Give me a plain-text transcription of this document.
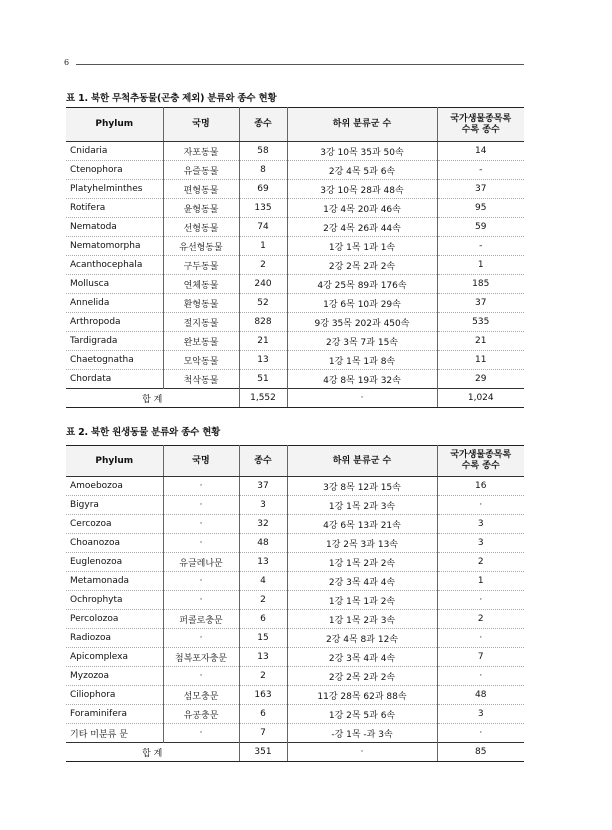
6
표 1. 북한 무척추동물(곤충 제외) 분류와 종수 현황
Phylum	국명	종수	하위 분류군 수	국가생물종목록
수록 종수
Cnidaria	자포동물	58	3강 10목 35과 50속	14
Ctenophora	유즐동물	8	2강 4목 5과 6속	-
Platyhelminthes	편형동물	69	3강 10목 28과 48속	37
Rotifera	윤형동물	135	1강 4목 20과 46속	95
Nematoda	선형동물	74	2강 4목 26과 44속	59
Nematomorpha	유선형동물	1	1강 1목 1과 1속	-
Acanthocephala	구두동물	2	2강 2목 2과 2속	1
Mollusca	연체동물	240	4강 25목 89과 176속	185
Annelida	환형동물	52	1강 6목 10과 29속	37
Arthropoda	절지동물	828	9강 35목 202과 450속	535
Tardigrada	완보동물	21	2강 3목 7과 15속	21
Chaetognatha	모악동물	13	1강 1목 1과 8속	11
Chordata	척삭동물	51	4강 8목 19과 32속	29
합 계		1,552	·	1,024
표 2. 북한 원생동물 분류와 종수 현황
Phylum	국명	종수	하위 분류군 수	국가생물종목록
수록 종수
Amoebozoa	·	37	3강 8목 12과 15속	16
Bigyra	·	3	1강 1목 2과 3속	·
Cercozoa	·	32	4강 6목 13과 21속	3
Choanozoa	·	48	1강 2목 3과 13속	3
Euglenozoa	유글레나문	13	1강 1목 2과 2속	2
Metamonada	·	4	2강 3목 4과 4속	1
Ochrophyta	·	2	1강 1목 1과 2속	·
Percolozoa	퍼콜로충문	6	1강 1목 2과 3속	2
Radiozoa	·	15	2강 4목 8과 12속	·
Apicomplexa	첨복포자충문	13	2강 3목 4과 4속	7
Myzozoa	·	2	2강 2목 2과 2속	·
Ciliophora	섬모충문	163	11강 28목 62과 88속	48
Foraminifera	유공충문	6	1강 2목 5과 6속	3
기타 미분류 문	·	7	-강 1목 -과 3속	·
합 계		351	·	85
